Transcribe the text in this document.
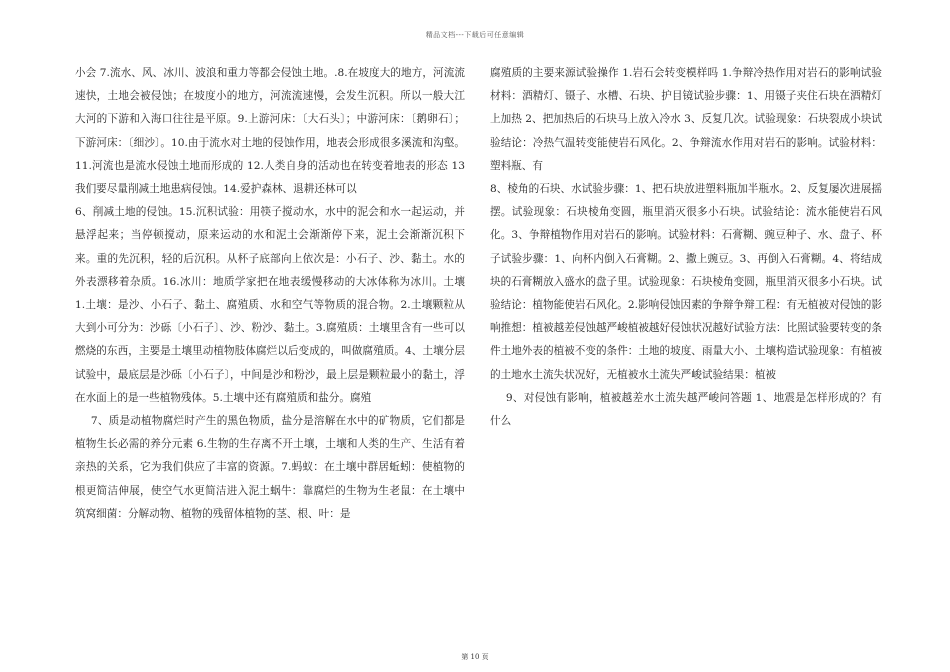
精品文档---下载后可任意编辑

小会 7.流水、风、冰川、波浪和重力等都会侵蚀土地。.8.在坡度大的地方，河流流速快，土地会被侵蚀；在坡度小的地方，河流流速慢，会发生沉积。所以一般大江大河的下游和入海口往往是平原。9.上游河床：〔大石头〕；中游河床：〔鹅卵石〕；下游河床：〔细沙〕。10.由于流水对土地的侵蚀作用，地表会形成很多溪流和沟壑。11.河流也是流水侵蚀土地而形成的 12.人类自身的活动也在转变着地表的形态 13 我们要尽量削减土地患病侵蚀。14.爱护森林、退耕还林可以

6、削减土地的侵蚀。15.沉积试验：用筷子搅动水，水中的泥会和水一起运动，并悬浮起来；当停顿搅动，原来运动的水和泥土会渐渐停下来，泥土会渐渐沉积下来。重的先沉积，轻的后沉积。从杯子底部向上依次是：小石子、沙、黏土。水的外表漂移着杂质。16.冰川：地质学家把在地表缓慢移动的大冰体称为冰川。土壤 1.土壤：是沙、小石子、黏土、腐殖质、水和空气等物质的混合物。2.土壤颗粒从大到小可分为：沙砾〔小石子〕、沙、粉沙、黏土。3.腐殖质：土壤里含有一些可以燃烧的东西，主要是土壤里动植物肢体腐烂以后变成的，叫做腐殖质。4、土壤分层试验中，最底层是沙砾〔小石子〕，中间是沙和粉沙，最上层是颗粒最小的黏土，浮在水面上的是一些植物残体。5.土壤中还有腐殖质和盐分。腐殖

7、质是动植物腐烂时产生的黑色物质，盐分是溶解在水中的矿物质，它们都是植物生长必需的养分元素 6.生物的生存离不开土壤，土壤和人类的生产、生活有着亲热的关系，它为我们供应了丰富的资源。7.蚂蚁：在土壤中群居蚯蚓：使植物的根更简洁伸展，使空气水更简洁进入泥土蜗牛：靠腐烂的生物为生老鼠：在土壤中筑窝细菌：分解动物、植物的残留体植物的茎、根、叶：是

腐殖质的主要来源试验操作 1.岩石会转变模样吗 1.争辩冷热作用对岩石的影响试验材料：酒精灯、镊子、水槽、石块、护目镜试验步骤：1、用镊子夹住石块在酒精灯上加热 2、把加热后的石块马上放入冷水 3、反复几次。试验现象：石块裂成小块试验结论：冷热气温转变能使岩石风化。2、争辩流水作用对岩石的影响。试验材料：塑料瓶、有

8、棱角的石块、水试验步骤：1、把石块放进塑料瓶加半瓶水。2、反复屡次进展摇摆。试验现象：石块棱角变圆，瓶里消灭很多小石块。试验结论：流水能使岩石风化。3、争辩植物作用对岩石的影响。试验材料：石膏糊、豌豆种子、水、盘子、杯子试验步骤：1、向杯内倒入石膏糊。2、撒上豌豆。3、再倒入石膏糊。4、将结成块的石膏糊放入盛水的盘子里。试验现象：石块棱角变圆，瓶里消灭很多小石块。试验结论：植物能使岩石风化。2.影响侵蚀因素的争辩争辩工程：有无植被对侵蚀的影响推想：植被越差侵蚀越严峻植被越好侵蚀状况越好试验方法：比照试验要转变的条件土地外表的植被不变的条件：土地的坡度、雨量大小、土壤构造试验现象：有植被的土地水土流失状况好，无植被水土流失严峻试验结果：植被

9、对侵蚀有影响，植被越差水土流失越严峻问答题 1、地震是怎样形成的？有什么

第 10 页
